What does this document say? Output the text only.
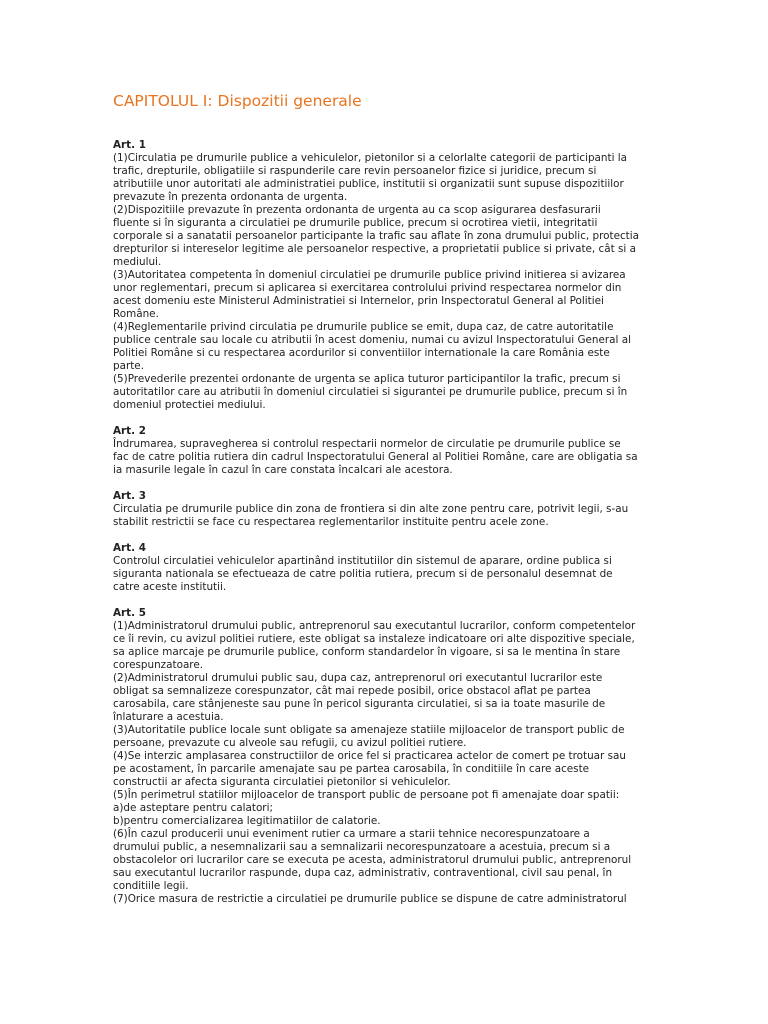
CAPITOLUL I: Dispozitii generale
Art. 1
(1)Circulatia pe drumurile publice a vehiculelor, pietonilor si a celorlalte categorii de participanti la
trafic, drepturile, obligatiile si raspunderile care revin persoanelor fizice si juridice, precum si
atributiile unor autoritati ale administratiei publice, institutii si organizatii sunt supuse dispozitiilor
prevazute în prezenta ordonanta de urgenta.
(2)Dispozitiile prevazute în prezenta ordonanta de urgenta au ca scop asigurarea desfasurarii
fluente si în siguranta a circulatiei pe drumurile publice, precum si ocrotirea vietii, integritatii
corporale si a sanatatii persoanelor participante la trafic sau aflate în zona drumului public, protectia
drepturilor si intereselor legitime ale persoanelor respective, a proprietatii publice si private, cât si a
mediului.
(3)Autoritatea competenta în domeniul circulatiei pe drumurile publice privind initierea si avizarea
unor reglementari, precum si aplicarea si exercitarea controlului privind respectarea normelor din
acest domeniu este Ministerul Administratiei si Internelor, prin Inspectoratul General al Politiei
Române.
(4)Reglementarile privind circulatia pe drumurile publice se emit, dupa caz, de catre autoritatile
publice centrale sau locale cu atributii în acest domeniu, numai cu avizul Inspectoratului General al
Politiei Române si cu respectarea acordurilor si conventiilor internationale la care România este
parte.
(5)Prevederile prezentei ordonante de urgenta se aplica tuturor participantilor la trafic, precum si
autoritatilor care au atributii în domeniul circulatiei si sigurantei pe drumurile publice, precum si în
domeniul protectiei mediului.
Art. 2
Îndrumarea, supravegherea si controlul respectarii normelor de circulatie pe drumurile publice se
fac de catre politia rutiera din cadrul Inspectoratului General al Politiei Române, care are obligatia sa
ia masurile legale în cazul în care constata încalcari ale acestora.
Art. 3
Circulatia pe drumurile publice din zona de frontiera si din alte zone pentru care, potrivit legii, s-au
stabilit restrictii se face cu respectarea reglementarilor instituite pentru acele zone.
Art. 4
Controlul circulatiei vehiculelor apartinând institutiilor din sistemul de aparare, ordine publica si
siguranta nationala se efectueaza de catre politia rutiera, precum si de personalul desemnat de
catre aceste institutii.
Art. 5
(1)Administratorul drumului public, antreprenorul sau executantul lucrarilor, conform competentelor
ce îi revin, cu avizul politiei rutiere, este obligat sa instaleze indicatoare ori alte dispozitive speciale,
sa aplice marcaje pe drumurile publice, conform standardelor în vigoare, si sa le mentina în stare
corespunzatoare.
(2)Administratorul drumului public sau, dupa caz, antreprenorul ori executantul lucrarilor este
obligat sa semnalizeze corespunzator, cât mai repede posibil, orice obstacol aflat pe partea
carosabila, care stânjeneste sau pune în pericol siguranta circulatiei, si sa ia toate masurile de
înlaturare a acestuia.
(3)Autoritatile publice locale sunt obligate sa amenajeze statiile mijloacelor de transport public de
persoane, prevazute cu alveole sau refugii, cu avizul politiei rutiere.
(4)Se interzic amplasarea constructiilor de orice fel si practicarea actelor de comert pe trotuar sau
pe acostament, în parcarile amenajate sau pe partea carosabila, în conditiile în care aceste
constructii ar afecta siguranta circulatiei pietonilor si vehiculelor.
(5)În perimetrul statiilor mijloacelor de transport public de persoane pot fi amenajate doar spatii:
a)de asteptare pentru calatori;
b)pentru comercializarea legitimatiilor de calatorie.
(6)În cazul producerii unui eveniment rutier ca urmare a starii tehnice necorespunzatoare a
drumului public, a nesemnalizarii sau a semnalizarii necorespunzatoare a acestuia, precum si a
obstacolelor ori lucrarilor care se executa pe acesta, administratorul drumului public, antreprenorul
sau executantul lucrarilor raspunde, dupa caz, administrativ, contraventional, civil sau penal, în
conditiile legii.
(7)Orice masura de restrictie a circulatiei pe drumurile publice se dispune de catre administratorul
